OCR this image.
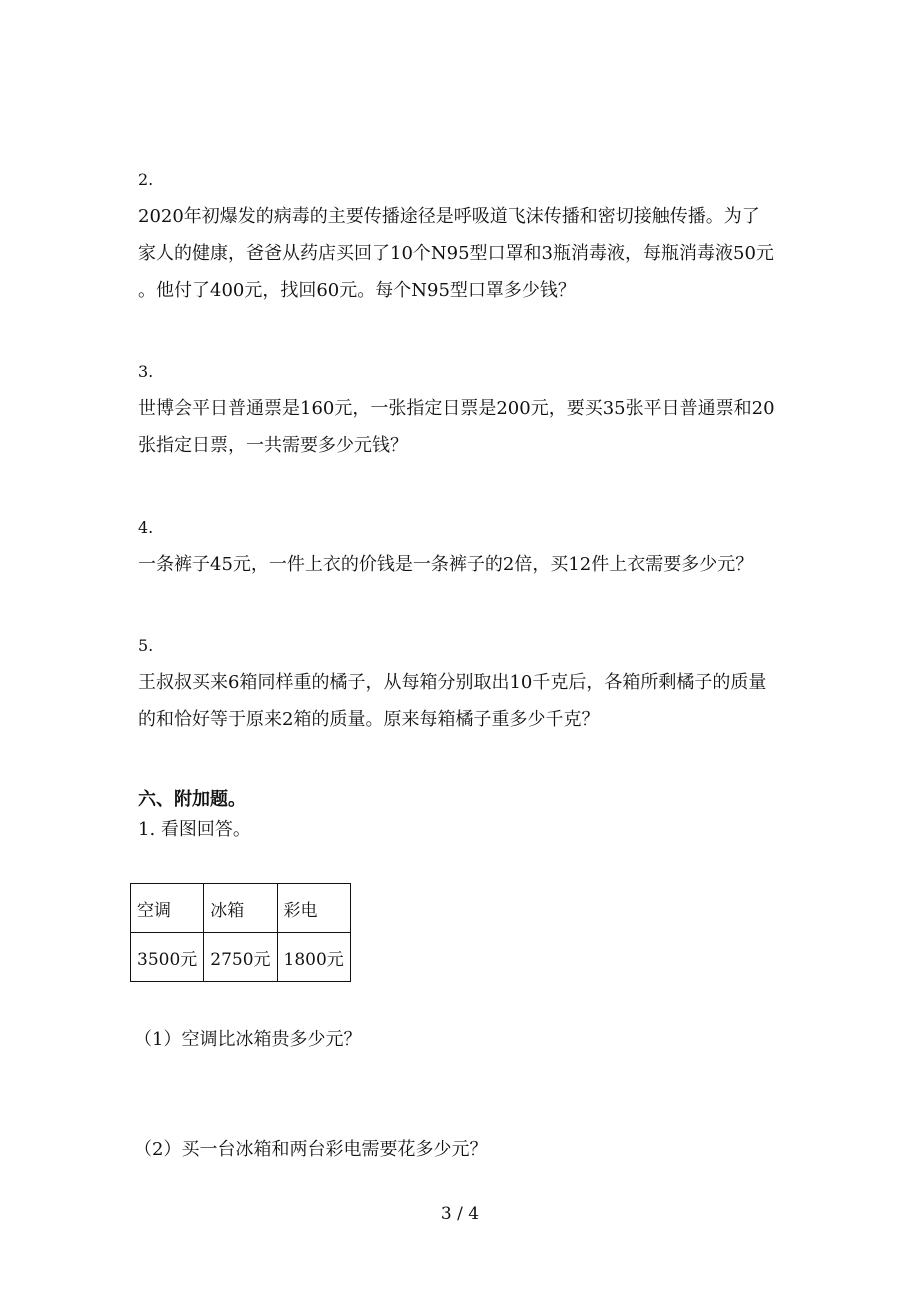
2.

2020年初爆发的病毒的主要传播途径是呼吸道飞沫传播和密切接触传播。为了

家人的健康，爸爸从药店买回了10个N95型口罩和3瓶消毒液，每瓶消毒液50元

。他付了400元，找回60元。每个N95型口罩多少钱？

3.

世博会平日普通票是160元，一张指定日票是200元，要买35张平日普通票和20

张指定日票，一共需要多少元钱？

4.

一条裤子45元，一件上衣的价钱是一条裤子的2倍，买12件上衣需要多少元？

5.

王叔叔买来6箱同样重的橘子，从每箱分别取出10千克后，各箱所剩橘子的质量

的和恰好等于原来2箱的质量。原来每箱橘子重多少千克？

六、附加题。
1. 看图回答。
空调	冰箱	彩电
3500元	2750元	1800元
（1）空调比冰箱贵多少元？
（2）买一台冰箱和两台彩电需要花多少元？
3 / 4
